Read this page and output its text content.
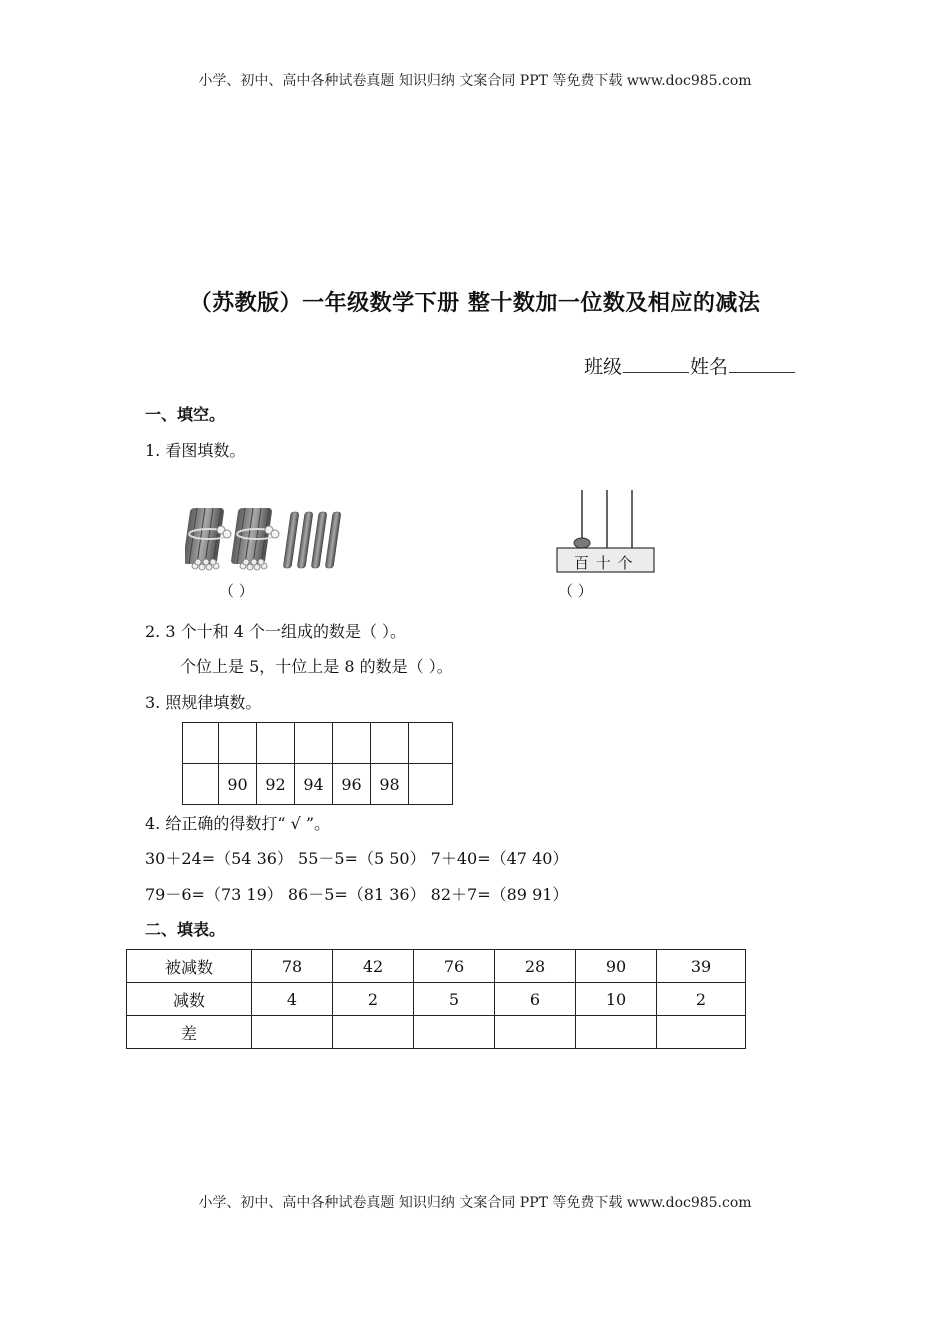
小学、初中、高中各种试卷真题 知识归纳 文案合同 PPT 等免费下载 www.doc985.com
（苏教版）一年级数学下册 整十数加一位数及相应的减法
班级	姓名
一、填空。
1. 看图填数。
（ ）
百 十 个
（ ）
2. 3 个十和 4 个一组成的数是（ ）。
个位上是 5，十位上是 8 的数是（ ）。
3. 照规律填数。

	90	92	94	96	98	
4. 给正确的得数打“ √ ”。
30＋24=（54 36） 55－5=（5 50） 7＋40=（47 40）
79－6=（73 19） 86－5=（81 36） 82＋7=（89 91）
二、填表。
被减数	78	42	76	28	90	39
减数	4	2	5	6	10	2
差						
小学、初中、高中各种试卷真题 知识归纳 文案合同 PPT 等免费下载 www.doc985.com
